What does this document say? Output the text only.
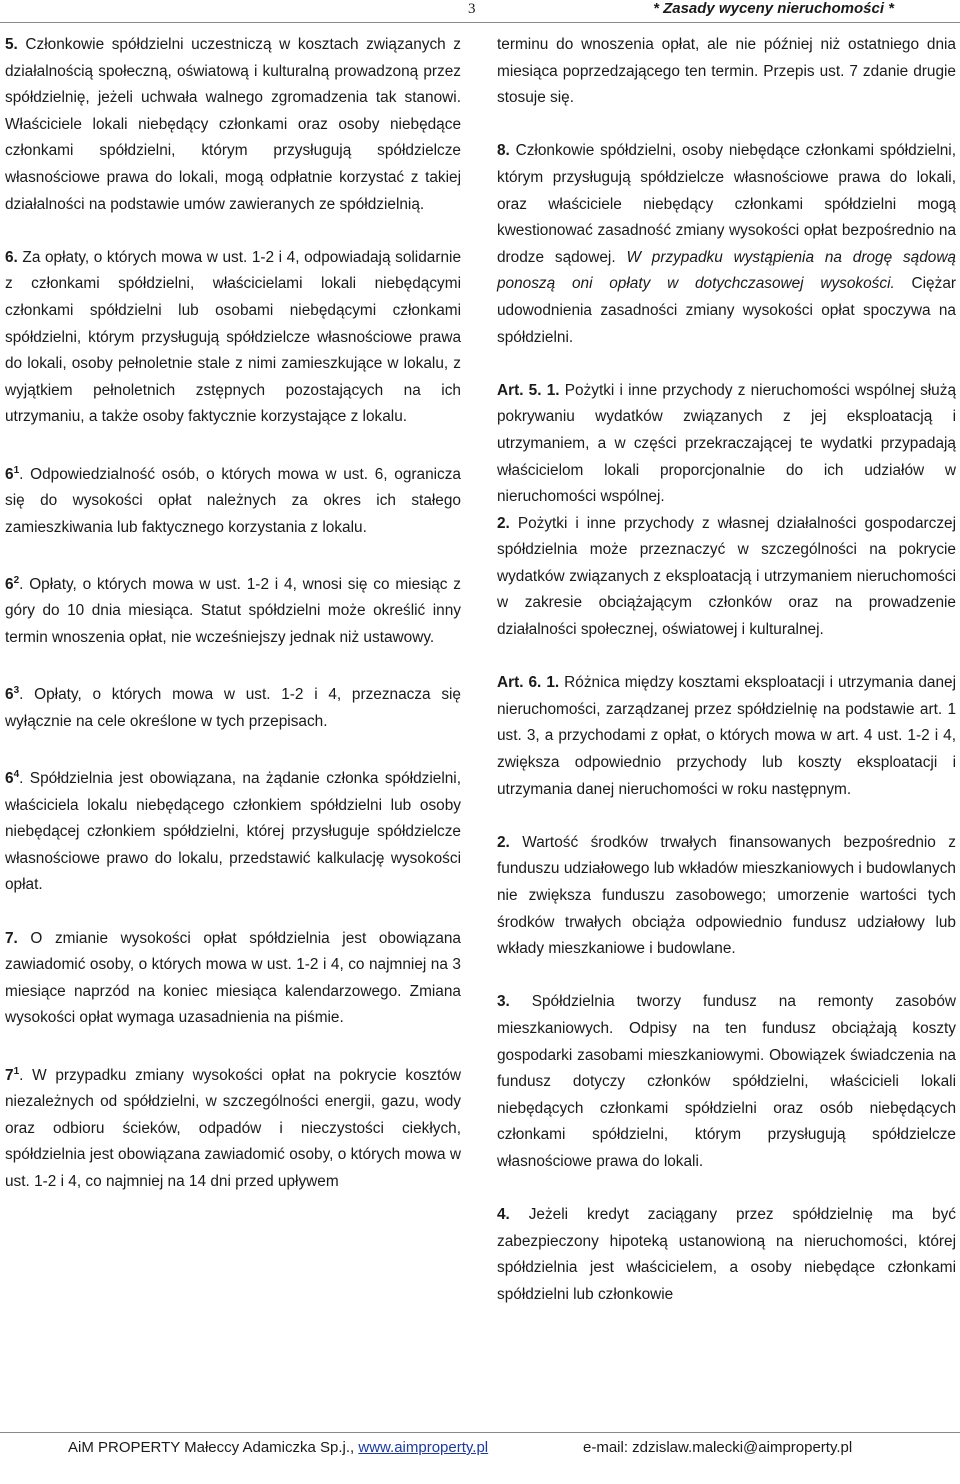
3	* Zasady wyceny nieruchomości *

5. Członkowie spółdzielni uczestniczą w kosztach związanych z działalnością społeczną, oświatową i kulturalną prowadzoną przez spółdzielnię, jeżeli uchwała walnego zgromadzenia tak stanowi. Właściciele lokali niebędący członkami oraz osoby niebędące członkami spółdzielni, którym przysługują spółdzielcze własnościowe prawa do lokali, mogą odpłatnie korzystać z takiej działalności na podstawie umów zawieranych ze spółdzielnią.

6. Za opłaty, o których mowa w ust. 1-2 i 4, odpowiadają solidarnie z członkami spółdzielni, właścicielami lokali niebędącymi członkami spółdzielni lub osobami niebędącymi członkami spółdzielni, którym przysługują spółdzielcze własnościowe prawa do lokali, osoby pełnoletnie stale z nimi zamieszkujące w lokalu, z wyjątkiem pełnoletnich zstępnych pozostających na ich utrzymaniu, a także osoby faktycznie korzystające z lokalu.

$6^1$. Odpowiedzialność osób, o których mowa w ust. 6, ogranicza się do wysokości opłat należnych za okres ich stałego zamieszkiwania lub faktycznego korzystania z lokalu.

$6^2$. Opłaty, o których mowa w ust. 1-2 i 4, wnosi się co miesiąc z góry do 10 dnia miesiąca. Statut spółdzielni może określić inny termin wnoszenia opłat, nie wcześniejszy jednak niż ustawowy.

$6^3$. Opłaty, o których mowa w ust. 1-2 i 4, przeznacza się wyłącznie na cele określone w tych przepisach.

$6^4$. Spółdzielnia jest obowiązana, na żądanie członka spółdzielni, właściciela lokalu niebędącego członkiem spółdzielni lub osoby niebędącej członkiem spółdzielni, której przysługuje spółdzielcze własnościowe prawo do lokalu, przedstawić kalkulację wysokości opłat.

7. O zmianie wysokości opłat spółdzielnia jest obowiązana zawiadomić osoby, o których mowa w ust. 1-2 i 4, co najmniej na 3 miesiące naprzód na koniec miesiąca kalendarzowego. Zmiana wysokości opłat wymaga uzasadnienia na piśmie.

$7^1$. W przypadku zmiany wysokości opłat na pokrycie kosztów niezależnych od spółdzielni, w szczególności energii, gazu, wody oraz odbioru ścieków, odpadów i nieczystości ciekłych, spółdzielnia jest obowiązana zawiadomić osoby, o których mowa w ust. 1-2 i 4, co najmniej na 14 dni przed upływem

terminu do wnoszenia opłat, ale nie później niż ostatniego dnia miesiąca poprzedzającego ten termin. Przepis ust. 7 zdanie drugie stosuje się.

8. Członkowie spółdzielni, osoby niebędące członkami spółdzielni, którym przysługują spółdzielcze własnościowe prawa do lokali, oraz właściciele niebędący członkami spółdzielni mogą kwestionować zasadność zmiany wysokości opłat bezpośrednio na drodze sądowej. W przypadku wystąpienia na drogę sądową ponoszą oni opłaty w dotychczasowej wysokości. Ciężar udowodnienia zasadności zmiany wysokości opłat spoczywa na spółdzielni.

Art. 5. 1. Pożytki i inne przychody z nieruchomości wspólnej służą pokrywaniu wydatków związanych z jej eksploatacją i utrzymaniem, a w części przekraczającej te wydatki przypadają właścicielom lokali proporcjonalnie do ich udziałów w nieruchomości wspólnej.

2. Pożytki i inne przychody z własnej działalności gospodarczej spółdzielnia może przeznaczyć w szczególności na pokrycie wydatków związanych z eksploatacją i utrzymaniem nieruchomości w zakresie obciążającym członków oraz na prowadzenie działalności społecznej, oświatowej i kulturalnej.

Art. 6. 1. Różnica między kosztami eksploatacji i utrzymania danej nieruchomości, zarządzanej przez spółdzielnię na podstawie art. 1 ust. 3, a przychodami z opłat, o których mowa w art. 4 ust. 1-2 i 4, zwiększa odpowiednio przychody lub koszty eksploatacji i utrzymania danej nieruchomości w roku następnym.

2. Wartość środków trwałych finansowanych bezpośrednio z funduszu udziałowego lub wkładów mieszkaniowych i budowlanych nie zwiększa funduszu zasobowego; umorzenie wartości tych środków trwałych obciąża odpowiednio fundusz udziałowy lub wkłady mieszkaniowe i budowlane.

3. Spółdzielnia tworzy fundusz na remonty zasobów mieszkaniowych. Odpisy na ten fundusz obciążają koszty gospodarki zasobami mieszkaniowymi. Obowiązek świadczenia na fundusz dotyczy członków spółdzielni, właścicieli lokali niebędących członkami spółdzielni oraz osób niebędących członkami spółdzielni, którym przysługują spółdzielcze własnościowe prawa do lokali.

4. Jeżeli kredyt zaciągany przez spółdzielnię ma być zabezpieczony hipoteką ustanowioną na nieruchomości, której spółdzielnia jest właścicielem, a osoby niebędące członkami spółdzielni lub członkowie

AiM PROPERTY Małeccy Adamiczka Sp.j., www.aimproperty.pl	e-mail: zdzislaw.malecki@aimproperty.pl
